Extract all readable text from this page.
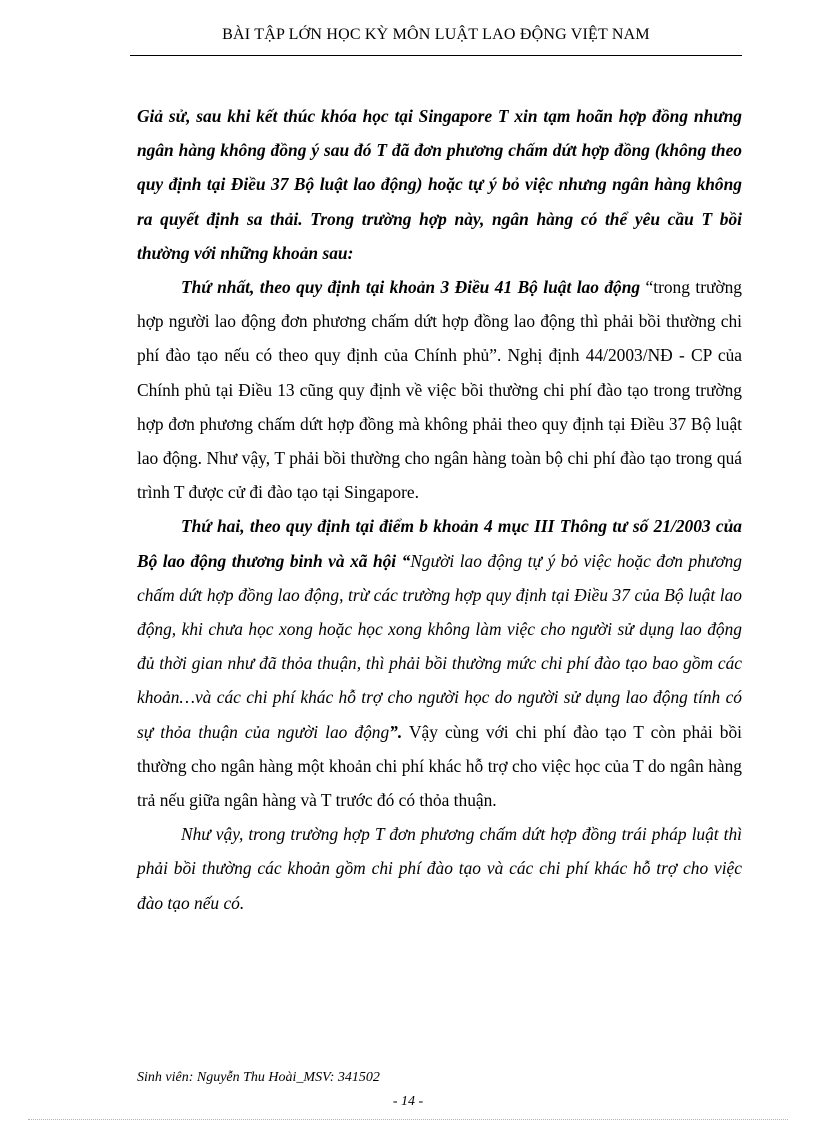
BÀI TẬP LỚN HỌC KỲ MÔN LUẬT LAO ĐỘNG VIỆT NAM

Giả sử, sau khi kết thúc khóa học tại Singapore T xin tạm hoãn hợp đồng nhưng ngân hàng không đồng ý sau đó T đã đơn phương chấm dứt hợp đồng (không theo quy định tại Điều 37 Bộ luật lao động) hoặc tự ý bỏ việc nhưng ngân hàng không ra quyết định sa thải. Trong trường hợp này, ngân hàng có thể yêu cầu T bồi thường với những khoản sau:

Thứ nhất, theo quy định tại khoản 3 Điều 41 Bộ luật lao động “trong trường hợp người lao động đơn phương chấm dứt hợp đồng lao động thì phải bồi thường chi phí đào tạo nếu có theo quy định của Chính phủ”. Nghị định 44/2003/NĐ - CP của Chính phủ tại Điều 13 cũng quy định về việc bồi thường chi phí đào tạo trong trường hợp đơn phương chấm dứt hợp đồng mà không phải theo quy định tại Điều 37 Bộ luật lao động. Như vậy, T phải bồi thường cho ngân hàng toàn bộ chi phí đào tạo trong quá trình T được cử đi đào tạo tại Singapore.

Thứ hai, theo quy định tại điểm b khoản 4 mục III Thông tư số 21/2003 của Bộ lao động thương binh và xã hội “Người lao động tự ý bỏ việc hoặc đơn phương chấm dứt hợp đồng lao động, trừ các trường hợp quy định tại Điều 37 của Bộ luật lao động, khi chưa học xong hoặc học xong không làm việc cho người sử dụng lao động đủ thời gian như đã thỏa thuận, thì phải bồi thường mức chi phí đào tạo bao gồm các khoản…và các chi phí khác hỗ trợ cho người học do người sử dụng lao động tính có sự thỏa thuận của người lao động”. Vậy cùng với chi phí đào tạo T còn phải bồi thường cho ngân hàng một khoản chi phí khác hỗ trợ cho việc học của T do ngân hàng trả nếu giữa ngân hàng và T trước đó có thỏa thuận.

Như vậy, trong trường hợp T đơn phương chấm dứt hợp đồng trái pháp luật thì phải bồi thường các khoản gồm chi phí đào tạo và các chi phí khác hỗ trợ cho việc đào tạo nếu có.

Sinh viên: Nguyễn Thu Hoài_MSV: 341502
- 14 -
